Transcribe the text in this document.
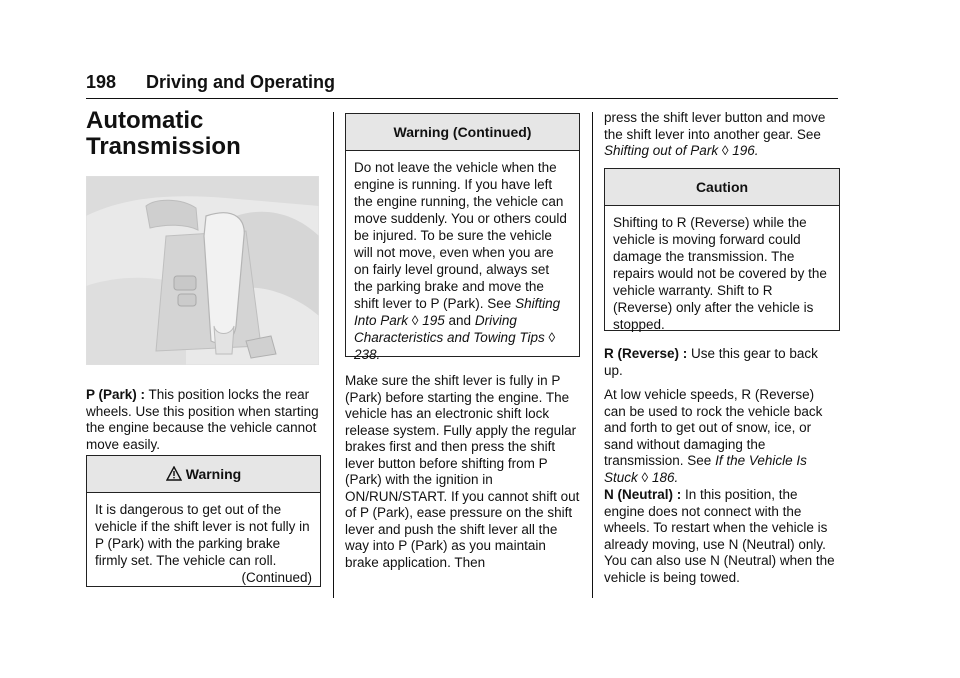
198 Driving and Operating
Automatic
Transmission

P (Park) : This position locks the rear wheels. Use this position when starting the engine because the vehicle cannot move easily.

Warning

It is dangerous to get out of the vehicle if the shift lever is not fully in P (Park) with the parking brake firmly set. The vehicle can roll.

(Continued)

Warning (Continued)

Do not leave the vehicle when the engine is running. If you have left the engine running, the vehicle can move suddenly. You or others could be injured. To be sure the vehicle will not move, even when you are on fairly level ground, always set the parking brake and move the shift lever to P (Park). See Shifting Into Park ◊ 195 and Driving Characteristics and Towing Tips ◊ 238.

Make sure the shift lever is fully in P (Park) before starting the engine. The vehicle has an electronic shift lock release system. Fully apply the regular brakes first and then press the shift lever button before shifting from P (Park) with the ignition in ON/RUN/START. If you cannot shift out of P (Park), ease pressure on the shift lever and push the shift lever all the way into P (Park) as you maintain brake application. Then

press the shift lever button and move the shift lever into another gear. See Shifting out of Park ◊ 196.

Caution

Shifting to R (Reverse) while the vehicle is moving forward could damage the transmission. The repairs would not be covered by the vehicle warranty. Shift to R (Reverse) only after the vehicle is stopped.

R (Reverse) : Use this gear to back up.

At low vehicle speeds, R (Reverse) can be used to rock the vehicle back and forth to get out of snow, ice, or sand without damaging the transmission. See If the Vehicle Is Stuck ◊ 186.

N (Neutral) : In this position, the engine does not connect with the wheels. To restart when the vehicle is already moving, use N (Neutral) only. You can also use N (Neutral) when the vehicle is being towed.
